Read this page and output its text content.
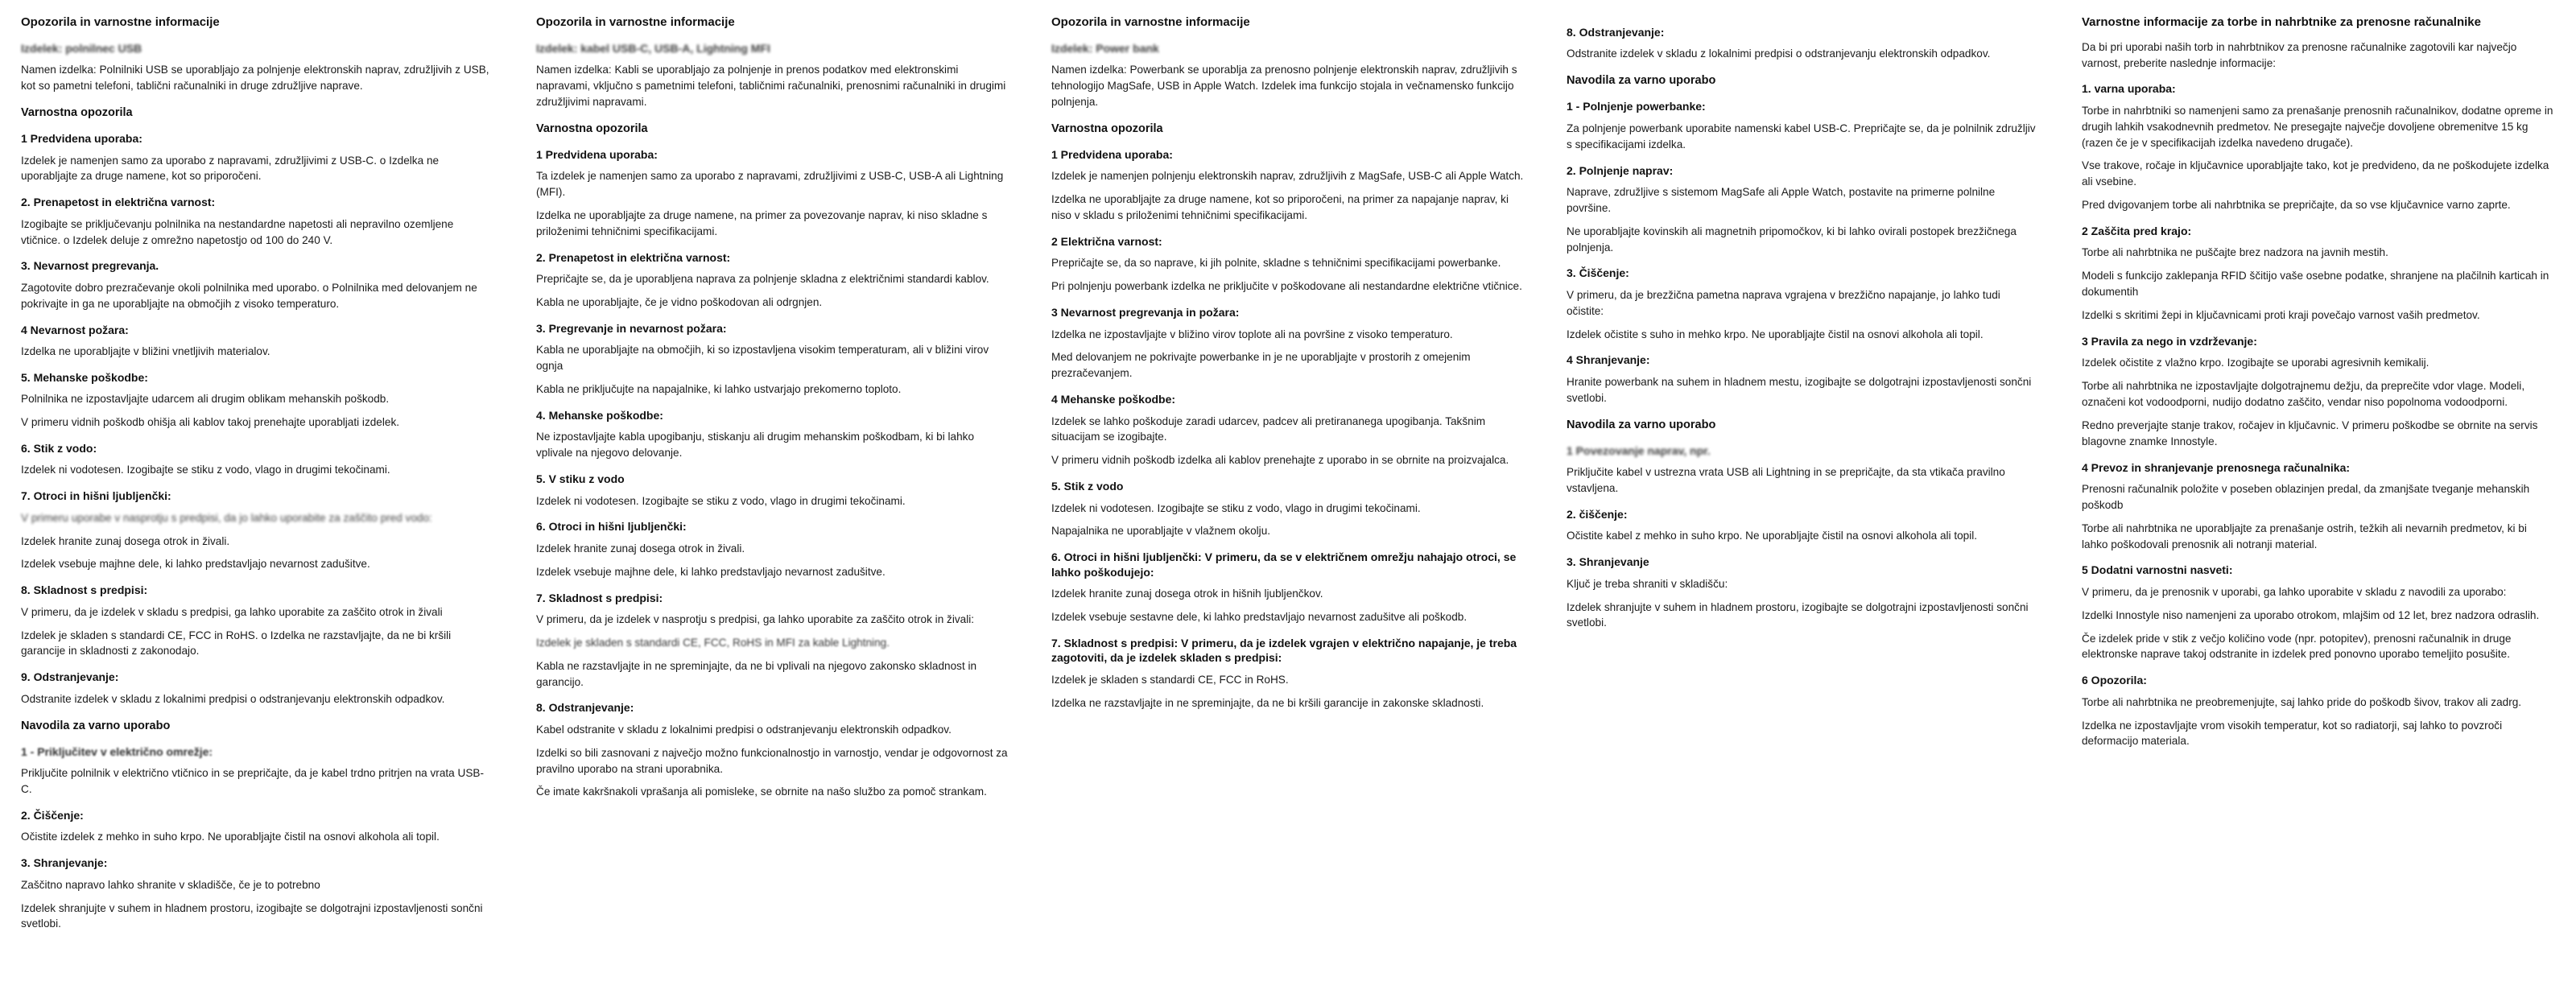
Opozorila in varnostne informacije
Izdelek: polnilnec USB

Namen izdelka: Polnilniki USB se uporabljajo za polnjenje elektronskih naprav, združljivih z USB, kot so pametni telefoni, tablični računalniki in druge združljive naprave.

Varnostna opozorila
1 Predvidena uporaba:

Izdelek je namenjen samo za uporabo z napravami, združljivimi z USB-C. o Izdelka ne uporabljajte za druge namene, kot so priporočeni.

2. Prenapetost in električna varnost:

Izogibajte se priključevanju polnilnika na nestandardne napetosti ali nepravilno ozemljene vtičnice. o Izdelek deluje z omrežno napetostjo od 100 do 240 V.

3. Nevarnost pregrevanja.

Zagotovite dobro prezračevanje okoli polnilnika med uporabo. o Polnilnika med delovanjem ne pokrivajte in ga ne uporabljajte na območjih z visoko temperaturo.

4 Nevarnost požara:

Izdelka ne uporabljajte v bližini vnetljivih materialov.

5. Mehanske poškodbe:

Polnilnika ne izpostavljajte udarcem ali drugim oblikam mehanskih poškodb.

V primeru vidnih poškodb ohišja ali kablov takoj prenehajte uporabljati izdelek.

6. Stik z vodo:

Izdelek ni vodotesen. Izogibajte se stiku z vodo, vlago in drugimi tekočinami.

7. Otroci in hišni ljubljenčki:

V primeru uporabe v nasprotju s predpisi, da jo lahko uporabite za zaščito pred vodo:

Izdelek hranite zunaj dosega otrok in živali.

Izdelek vsebuje majhne dele, ki lahko predstavljajo nevarnost zadušitve.

8. Skladnost s predpisi:

V primeru, da je izdelek v skladu s predpisi, ga lahko uporabite za zaščito otrok in živali

Izdelek je skladen s standardi CE, FCC in RoHS. o Izdelka ne razstavljajte, da ne bi kršili garancije in skladnosti z zakonodajo.

9. Odstranjevanje:

Odstranite izdelek v skladu z lokalnimi predpisi o odstranjevanju elektronskih odpadkov.

Navodila za varno uporabo
1 - Priključitev v električno omrežje:

Priključite polnilnik v električno vtičnico in se prepričajte, da je kabel trdno pritrjen na vrata USB-C.

2. Čiščenje:

Očistite izdelek z mehko in suho krpo. Ne uporabljajte čistil na osnovi alkohola ali topil.

3. Shranjevanje:

Zaščitno napravo lahko shranite v skladišče, če je to potrebno

Izdelek shranjujte v suhem in hladnem prostoru, izogibajte se dolgotrajni izpostavljenosti sončni svetlobi.

Opozorila in varnostne informacije
Izdelek: kabel USB-C, USB-A, Lightning MFI

Namen izdelka: Kabli se uporabljajo za polnjenje in prenos podatkov med elektronskimi napravami, vključno s pametnimi telefoni, tabličnimi računalniki, prenosnimi računalniki in drugimi združljivimi napravami.

Varnostna opozorila
1 Predvidena uporaba:

Ta izdelek je namenjen samo za uporabo z napravami, združljivimi z USB-C, USB-A ali Lightning (MFI).

Izdelka ne uporabljajte za druge namene, na primer za povezovanje naprav, ki niso skladne s priloženimi tehničnimi specifikacijami.

2. Prenapetost in električna varnost:

Prepričajte se, da je uporabljena naprava za polnjenje skladna z električnimi standardi kablov.

Kabla ne uporabljajte, če je vidno poškodovan ali odrgnjen.

3. Pregrevanje in nevarnost požara:

Kabla ne uporabljajte na območjih, ki so izpostavljena visokim temperaturam, ali v bližini virov ognja

Kabla ne priključujte na napajalnike, ki lahko ustvarjajo prekomerno toploto.

4. Mehanske poškodbe:

Ne izpostavljajte kabla upogibanju, stiskanju ali drugim mehanskim poškodbam, ki bi lahko vplivale na njegovo delovanje.

5. V stiku z vodo

Izdelek ni vodotesen. Izogibajte se stiku z vodo, vlago in drugimi tekočinami.

6. Otroci in hišni ljubljenčki:

Izdelek hranite zunaj dosega otrok in živali.

Izdelek vsebuje majhne dele, ki lahko predstavljajo nevarnost zadušitve.

7. Skladnost s predpisi:

V primeru, da je izdelek v nasprotju s predpisi, ga lahko uporabite za zaščito otrok in živali:

Izdelek je skladen s standardi CE, FCC, RoHS in MFI za kable Lightning.

Kabla ne razstavljajte in ne spreminjajte, da ne bi vplivali na njegovo zakonsko skladnost in garancijo.

8. Odstranjevanje:

Kabel odstranite v skladu z lokalnimi predpisi o odstranjevanju elektronskih odpadkov.

Izdelki so bili zasnovani z največjo možno funkcionalnostjo in varnostjo, vendar je odgovornost za pravilno uporabo na strani uporabnika.

Če imate kakršnakoli vprašanja ali pomisleke, se obrnite na našo službo za pomoč strankam.

Opozorila in varnostne informacije
Izdelek: Power bank

Namen izdelka: Powerbank se uporablja za prenosno polnjenje elektronskih naprav, združljivih s tehnologijo MagSafe, USB in Apple Watch. Izdelek ima funkcijo stojala in večnamensko funkcijo polnjenja.

Varnostna opozorila
1 Predvidena uporaba:

Izdelek je namenjen polnjenju elektronskih naprav, združljivih z MagSafe, USB-C ali Apple Watch.

Izdelka ne uporabljajte za druge namene, kot so priporočeni, na primer za napajanje naprav, ki niso v skladu s priloženimi tehničnimi specifikacijami.

2 Električna varnost:

Prepričajte se, da so naprave, ki jih polnite, skladne s tehničnimi specifikacijami powerbanke.

Pri polnjenju powerbank izdelka ne priključite v poškodovane ali nestandardne električne vtičnice.

3 Nevarnost pregrevanja in požara:

Izdelka ne izpostavljajte v bližino virov toplote ali na površine z visoko temperaturo.

Med delovanjem ne pokrivajte powerbanke in je ne uporabljajte v prostorih z omejenim prezračevanjem.

4 Mehanske poškodbe:

Izdelek se lahko poškoduje zaradi udarcev, padcev ali pretirananega upogibanja. Takšnim situacijam se izogibajte.

V primeru vidnih poškodb izdelka ali kablov prenehajte z uporabo in se obrnite na proizvajalca.

5. Stik z vodo

Izdelek ni vodotesen. Izogibajte se stiku z vodo, vlago in drugimi tekočinami.

Napajalnika ne uporabljajte v vlažnem okolju.

6. Otroci in hišni ljubljenčki: V primeru, da se v električnem omrežju nahajajo otroci, se lahko poškodujejo:

Izdelek hranite zunaj dosega otrok in hišnih ljubljenčkov.

Izdelek vsebuje sestavne dele, ki lahko predstavljajo nevarnost zadušitve ali poškodb.

7. Skladnost s predpisi: V primeru, da je izdelek vgrajen v električno napajanje, je treba zagotoviti, da je izdelek skladen s predpisi:

Izdelek je skladen s standardi CE, FCC in RoHS.

Izdelka ne razstavljajte in ne spreminjajte, da ne bi kršili garancije in zakonske skladnosti.

8. Odstranjevanje:

Odstranite izdelek v skladu z lokalnimi predpisi o odstranjevanju elektronskih odpadkov.

Navodila za varno uporabo
1 - Polnjenje powerbanke:

Za polnjenje powerbank uporabite namenski kabel USB-C. Prepričajte se, da je polnilnik združljiv s specifikacijami izdelka.

2. Polnjenje naprav:

Naprave, združljive s sistemom MagSafe ali Apple Watch, postavite na primerne polnilne površine.

Ne uporabljajte kovinskih ali magnetnih pripomočkov, ki bi lahko ovirali postopek brezžičnega polnjenja.

3. Čiščenje:

V primeru, da je brezžična pametna naprava vgrajena v brezžično napajanje, jo lahko tudi očistite:

Izdelek očistite s suho in mehko krpo. Ne uporabljajte čistil na osnovi alkohola ali topil.

4 Shranjevanje:

Hranite powerbank na suhem in hladnem mestu, izogibajte se dolgotrajni izpostavljenosti sončni svetlobi.

Navodila za varno uporabo
1 Povezovanje naprav, npr.

Priključite kabel v ustrezna vrata USB ali Lightning in se prepričajte, da sta vtikača pravilno vstavljena.

2. čiščenje:

Očistite kabel z mehko in suho krpo. Ne uporabljajte čistil na osnovi alkohola ali topil.

3. Shranjevanje

Ključ je treba shraniti v skladišču:

Izdelek shranjujte v suhem in hladnem prostoru, izogibajte se dolgotrajni izpostavljenosti sončni svetlobi.

Varnostne informacije za torbe in nahrbtnike za prenosne računalnike

Da bi pri uporabi naših torb in nahrbtnikov za prenosne računalnike zagotovili kar največjo varnost, preberite naslednje informacije:

1. varna uporaba:

Torbe in nahrbtniki so namenjeni samo za prenašanje prenosnih računalnikov, dodatne opreme in drugih lahkih vsakodnevnih predmetov. Ne presegajte največje dovoljene obremenitve 15 kg (razen če je v specifikacijah izdelka navedeno drugače).

Vse trakove, ročaje in ključavnice uporabljajte tako, kot je predvideno, da ne poškodujete izdelka ali vsebine.

Pred dvigovanjem torbe ali nahrbtnika se prepričajte, da so vse ključavnice varno zaprte.

2 Zaščita pred krajo:

Torbe ali nahrbtnika ne puščajte brez nadzora na javnih mestih.

Modeli s funkcijo zaklepanja RFID ščitijo vaše osebne podatke, shranjene na plačilnih karticah in dokumentih

Izdelki s skritimi žepi in ključavnicami proti kraji povečajo varnost vaših predmetov.

3 Pravila za nego in vzdrževanje:

Izdelek očistite z vlažno krpo. Izogibajte se uporabi agresivnih kemikalij.

Torbe ali nahrbtnika ne izpostavljajte dolgotrajnemu dežju, da preprečite vdor vlage. Modeli, označeni kot vodoodporni, nudijo dodatno zaščito, vendar niso popolnoma vodoodporni.

Redno preverjajte stanje trakov, ročajev in ključavnic. V primeru poškodbe se obrnite na servis blagovne znamke Innostyle.

4 Prevoz in shranjevanje prenosnega računalnika:

Prenosni računalnik položite v poseben oblazinjen predal, da zmanjšate tveganje mehanskih poškodb

Torbe ali nahrbtnika ne uporabljajte za prenašanje ostrih, težkih ali nevarnih predmetov, ki bi lahko poškodovali prenosnik ali notranji material.

5 Dodatni varnostni nasveti:

V primeru, da je prenosnik v uporabi, ga lahko uporabite v skladu z navodili za uporabo:

Izdelki Innostyle niso namenjeni za uporabo otrokom, mlajšim od 12 let, brez nadzora odraslih.

Če izdelek pride v stik z večjo količino vode (npr. potopitev), prenosni računalnik in druge elektronske naprave takoj odstranite in izdelek pred ponovno uporabo temeljito posušite.

6 Opozorila:

Torbe ali nahrbtnika ne preobremenjujte, saj lahko pride do poškodb šivov, trakov ali zadrg.

Izdelka ne izpostavljajte vrom visokih temperatur, kot so radiatorji, saj lahko to povzroči deformacijo materiala.
